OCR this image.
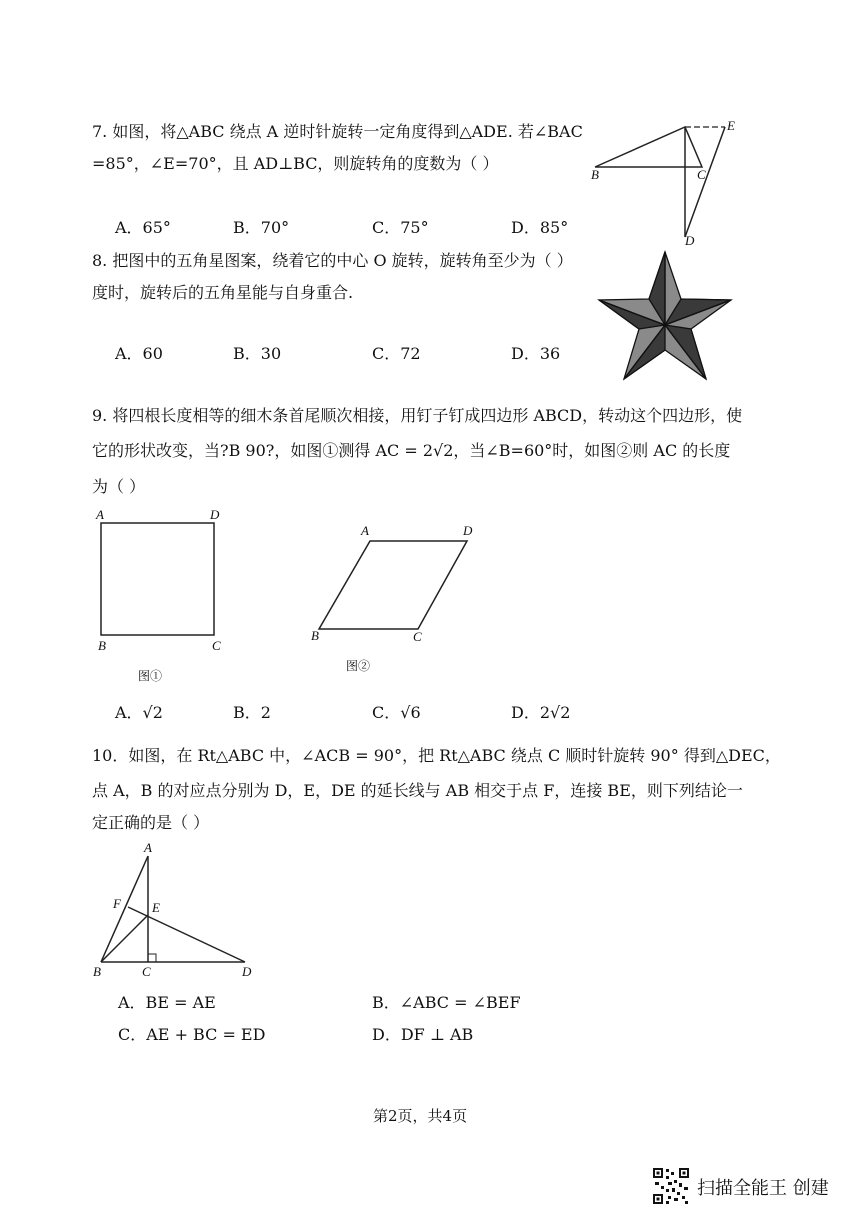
7. 如图，将△ABC 绕点 A 逆时针旋转一定角度得到△ADE. 若∠BAC
=85°，∠E=70°，且 AD⊥BC，则旋转角的度数为（ ）
E
B	C
D
A．65°	B．70°	C．75°	D．85°
8. 把图中的五角星图案，绕着它的中心 O 旋转，旋转角至少为（ ）
度时，旋转后的五角星能与自身重合.
A．60	B．30	C．72	D．36
9. 将四根长度相等的细木条首尾顺次相接，用钉子钉成四边形 ABCD，转动这个四边形，使
它的形状改变，当?B 90?，如图①测得 AC = 2√2，当∠B=60°时，如图②则 AC 的长度
为（ ）
A	D
B	C
图①
A	D
B	C
图②
A．√2	B．2	C．√6	D．2√2
10．如图，在 Rt△ABC 中，∠ACB = 90°，把 Rt△ABC 绕点 C 顺时针旋转 90° 得到△DEC，
点 A，B 的对应点分别为 D，E，DE 的延长线与 AB 相交于点 F，连接 BE，则下列结论一
定正确的是（ ）
A
F E
B	C	D
A．BE = AE	B．∠ABC = ∠BEF
C．AE + BC = ED	D．DF ⊥ AB
第2页，共4页
扫描全能王 创建
